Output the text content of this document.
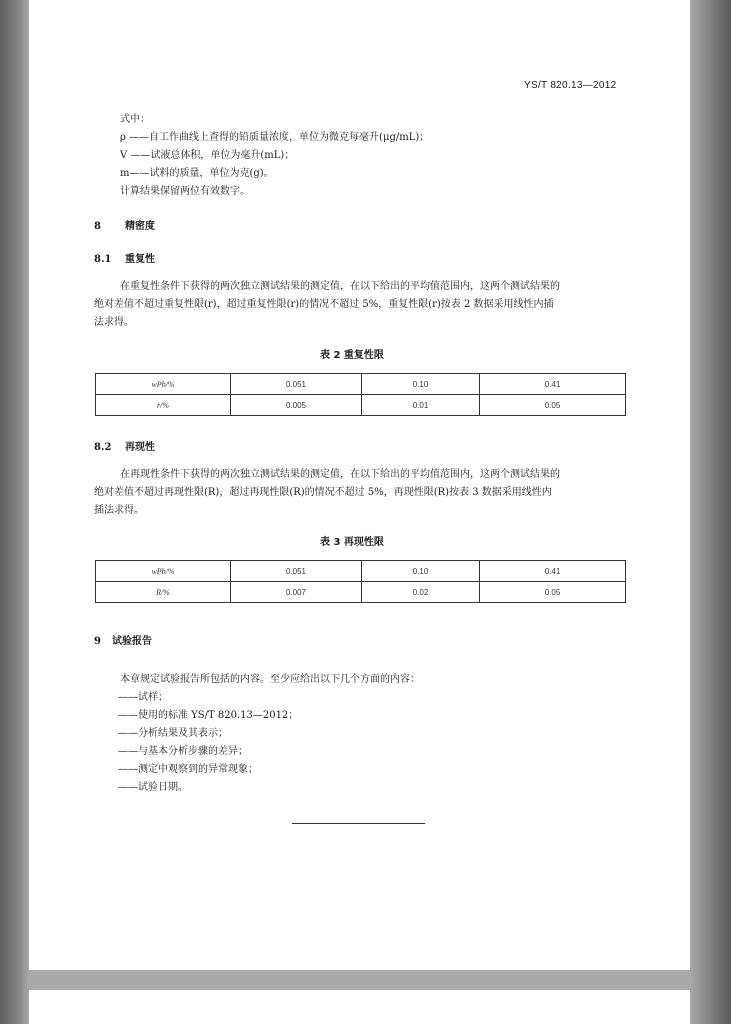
YS/T 820.13—2012
式中：
ρ ——自工作曲线上查得的铅质量浓度，单位为微克每毫升(μg/mL)；
V ——试液总体积，单位为毫升(mL)；
m——试料的质量，单位为克(g)。
计算结果保留两位有效数字。
8 精密度
8.1 重复性
在重复性条件下获得的两次独立测试结果的测定值，在以下给出的平均值范围内，这两个测试结果的
绝对差值不超过重复性限(r)，超过重复性限(r)的情况不超过 5%，重复性限(r)按表 2 数据采用线性内插
法求得。
表 2 重复性限
wPb/%	0.051	0.10	0.41
r/%	0.005	0.01	0.05
8.2 再现性
在再现性条件下获得的两次独立测试结果的测定值，在以下给出的平均值范围内，这两个测试结果的
绝对差值不超过再现性限(R)，超过再现性限(R)的情况不超过 5%，再现性限(R)按表 3 数据采用线性内
插法求得。
表 3 再现性限
wPb/%	0.051	0.10	0.41
R/%	0.007	0.02	0.05
9 试验报告
本章规定试验报告所包括的内容。至少应给出以下几个方面的内容：
——试样；
——使用的标准 YS/T 820.13—2012；
——分析结果及其表示；
——与基本分析步骤的差异；
——测定中观察到的异常现象；
——试验日期。
